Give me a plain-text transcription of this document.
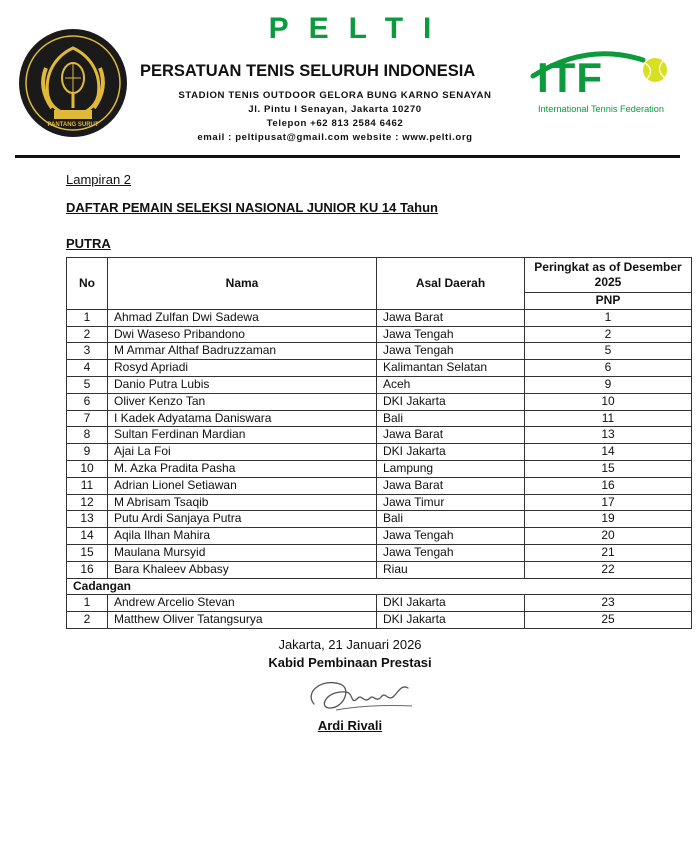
PANTANG SURUT
PELTI
PERSATUAN TENIS SELURUH INDONESIA
STADION TENIS OUTDOOR GELORA BUNG KARNO SENAYAN
Jl. Pintu I Senayan, Jakarta 10270
Telepon +62 813 2584 6462
email : peltipusat@gmail.com website : www.pelti.org
ITF
International Tennis Federation
Lampiran 2
DAFTAR PEMAIN SELEKSI NASIONAL JUNIOR KU 14 Tahun
PUTRA
No	Nama	Asal Daerah	Peringkat as of Desember 2025
			PNP
1	Ahmad Zulfan Dwi Sadewa	Jawa Barat	1
2	Dwi Waseso Pribandono	Jawa Tengah	2
3	M Ammar Althaf Badruzzaman	Jawa Tengah	5
4	Rosyd Apriadi	Kalimantan Selatan	6
5	Danio Putra Lubis	Aceh	9
6	Oliver Kenzo Tan	DKI Jakarta	10
7	I Kadek Adyatama Daniswara	Bali	11
8	Sultan Ferdinan Mardian	Jawa Barat	13
9	Ajai La Foi	DKI Jakarta	14
10	M. Azka Pradita Pasha	Lampung	15
11	Adrian Lionel Setiawan	Jawa Barat	16
12	M Abrisam Tsaqib	Jawa Timur	17
13	Putu Ardi Sanjaya Putra	Bali	19
14	Aqila Ilhan Mahira	Jawa Tengah	20
15	Maulana Mursyid	Jawa Tengah	21
16	Bara Khaleev Abbasy	Riau	22
Cadangan			
1	Andrew Arcelio Stevan	DKI Jakarta	23
2	Matthew Oliver Tatangsurya	DKI Jakarta	25
Jakarta, 21 Januari 2026
Kabid Pembinaan Prestasi
Ardi Rivali
